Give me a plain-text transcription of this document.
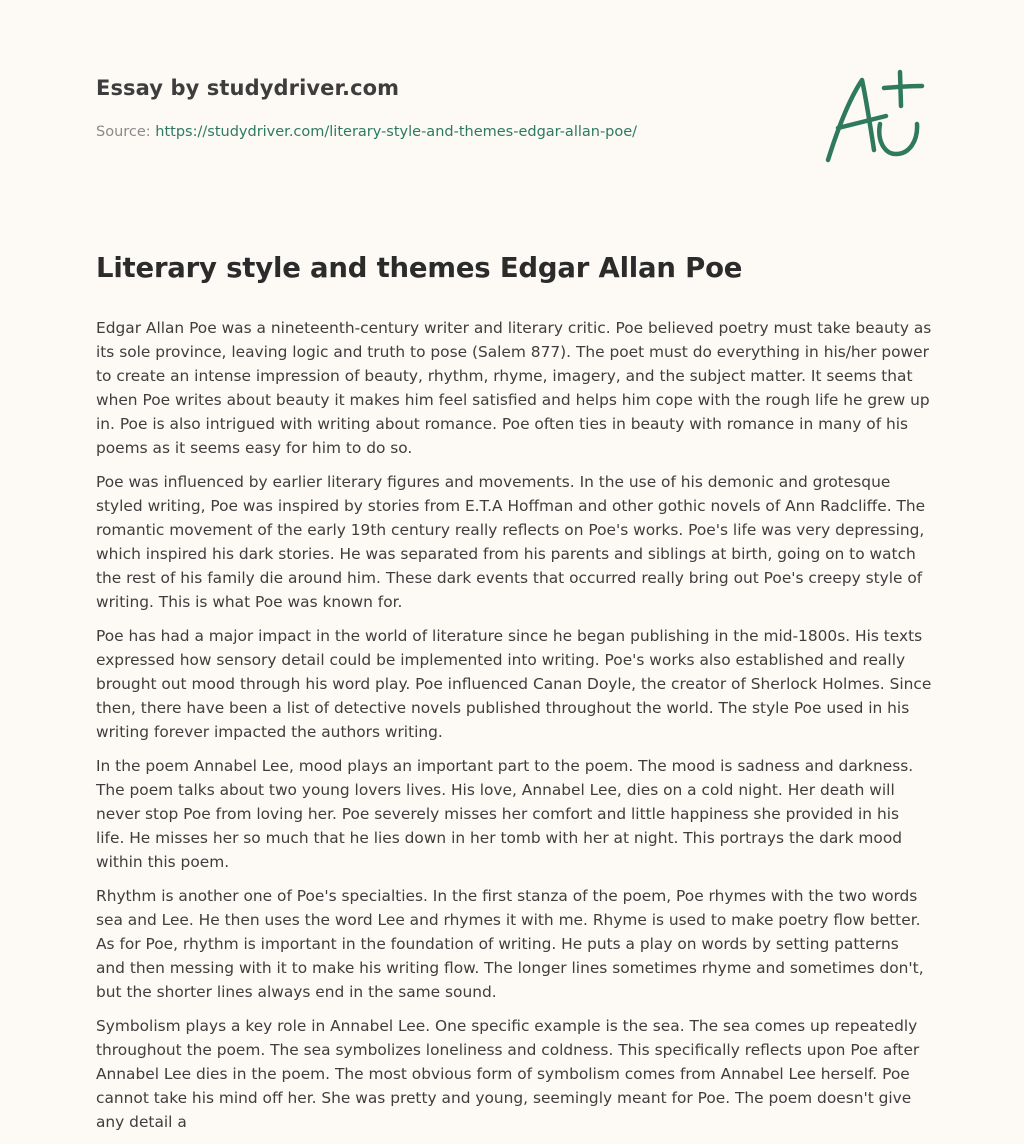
Essay by studydriver.com
Source: https://studydriver.com/literary-style-and-themes-edgar-allan-poe/
Literary style and themes Edgar Allan Poe

Edgar Allan Poe was a nineteenth-century writer and literary critic. Poe believed poetry must take beauty as its sole province, leaving logic and truth to pose (Salem 877). The poet must do everything in his/her power to create an intense impression of beauty, rhythm, rhyme, imagery, and the subject matter. It seems that when Poe writes about beauty it makes him feel satisfied and helps him cope with the rough life he grew up in. Poe is also intrigued with writing about romance. Poe often ties in beauty with romance in many of his poems as it seems easy for him to do so.

Poe was influenced by earlier literary figures and movements. In the use of his demonic and grotesque styled writing, Poe was inspired by stories from E.T.A Hoffman and other gothic novels of Ann Radcliffe. The romantic movement of the early 19th century really reflects on Poe's works. Poe's life was very depressing, which inspired his dark stories. He was separated from his parents and siblings at birth, going on to watch the rest of his family die around him. These dark events that occurred really bring out Poe's creepy style of writing. This is what Poe was known for.

Poe has had a major impact in the world of literature since he began publishing in the mid-1800s. His texts expressed how sensory detail could be implemented into writing. Poe's works also established and really brought out mood through his word play. Poe influenced Canan Doyle, the creator of Sherlock Holmes. Since then, there have been a list of detective novels published throughout the world. The style Poe used in his writing forever impacted the authors writing.

In the poem Annabel Lee, mood plays an important part to the poem. The mood is sadness and darkness. The poem talks about two young lovers lives. His love, Annabel Lee, dies on a cold night. Her death will never stop Poe from loving her. Poe severely misses her comfort and little happiness she provided in his life. He misses her so much that he lies down in her tomb with her at night. This portrays the dark mood within this poem.

Rhythm is another one of Poe's specialties. In the first stanza of the poem, Poe rhymes with the two words sea and Lee. He then uses the word Lee and rhymes it with me. Rhyme is used to make poetry flow better. As for Poe, rhythm is important in the foundation of writing. He puts a play on words by setting patterns and then messing with it to make his writing flow. The longer lines sometimes rhyme and sometimes don't, but the shorter lines always end in the same sound.

Symbolism plays a key role in Annabel Lee. One specific example is the sea. The sea comes up repeatedly throughout the poem. The sea symbolizes loneliness and coldness. This specifically reflects upon Poe after Annabel Lee dies in the poem. The most obvious form of symbolism comes from Annabel Lee herself. Poe cannot take his mind off her. She was pretty and young, seemingly meant for Poe. The poem doesn't give any detail a
